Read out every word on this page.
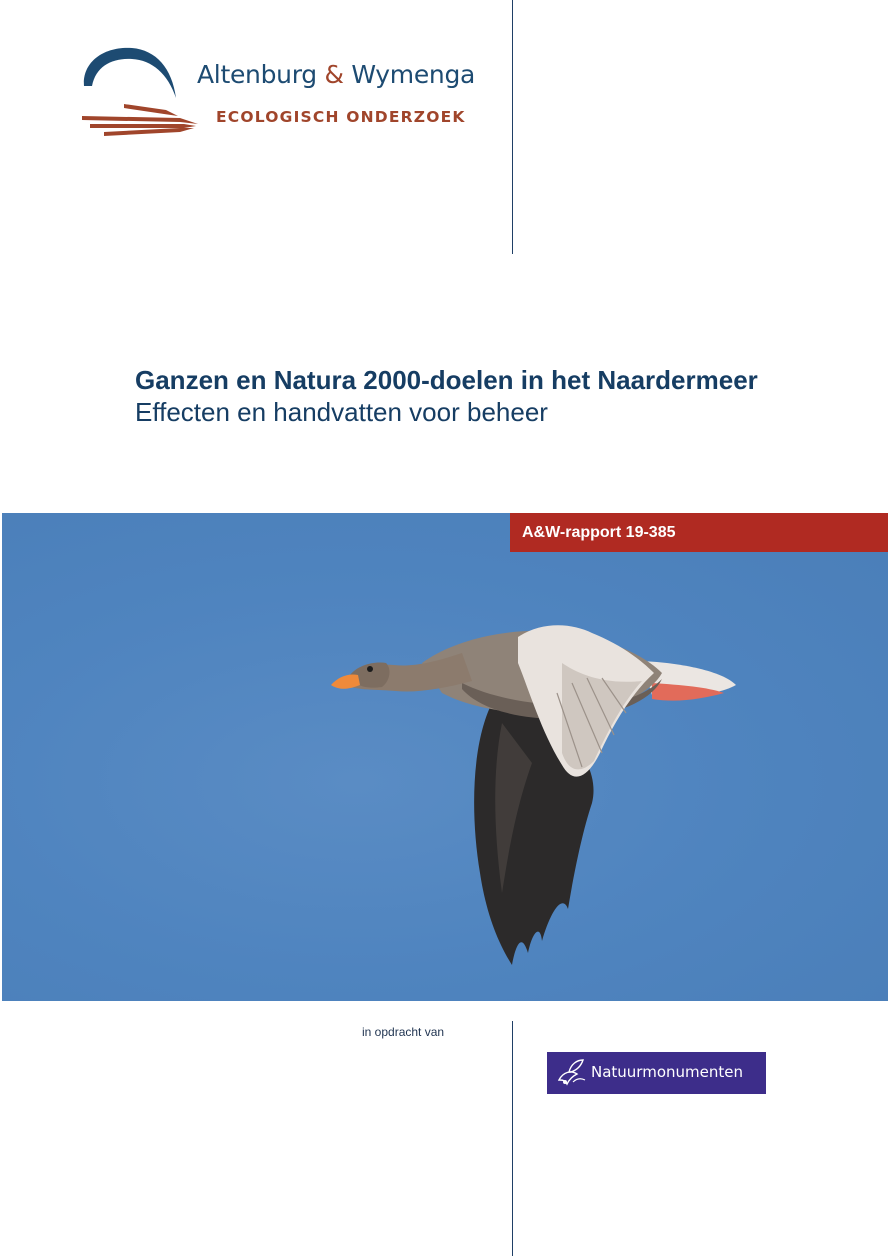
Altenburg & Wymenga
ECOLOGISCH ONDERZOEK
Ganzen en Natura 2000-doelen in het Naardermeer

Effecten en handvatten voor beheer

A&W-rapport 19-385
in opdracht van
Natuurmonumenten
